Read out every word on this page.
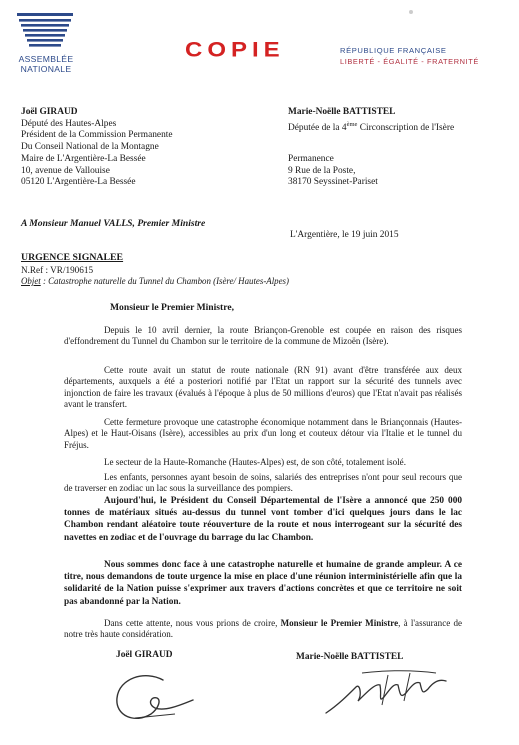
ASSEMBLÉE
NATIONALE
COPIE	RÉPUBLIQUE FRANÇAISE
LIBERTÉ - ÉGALITÉ - FRATERNITÉ
Joël GIRAUD
Député des Hautes-Alpes
Président de la Commission Permanente
Du Conseil National de la Montagne
Maire de L'Argentière-La Bessée
10, avenue de Vallouise
05120 L'Argentière-La Bessée
Marie-Noëlle BATTISTEL
Députée de la 4ème Circonscription de l'Isère
Permanence
9 Rue de la Poste,
38170 Seyssinet-Pariset
A Monsieur Manuel VALLS, Premier Ministre
L'Argentière, le 19 juin 2015
URGENCE SIGNALEE
N.Ref : VR/190615
Objet : Catastrophe naturelle du Tunnel du Chambon (Isère/ Hautes-Alpes)
Monsieur le Premier Ministre,
Depuis le 10 avril dernier, la route Briançon-Grenoble est coupée en raison des risques d'effondrement du Tunnel du Chambon sur le territoire de la commune de Mizoën (Isère).
Cette route avait un statut de route nationale (RN 91) avant d'être transférée aux deux départements, auxquels a été a posteriori notifié par l'Etat un rapport sur la sécurité des tunnels avec injonction de faire les travaux (évalués à l'époque à plus de 50 millions d'euros) que l'Etat n'avait pas réalisés avant le transfert.
Cette fermeture provoque une catastrophe économique notamment dans le Briançonnais (Hautes-Alpes) et le Haut-Oisans (Isère), accessibles au prix d'un long et couteux détour via l'Italie et le tunnel du Fréjus.
Le secteur de la Haute-Romanche (Hautes-Alpes) est, de son côté, totalement isolé.
Les enfants, personnes ayant besoin de soins, salariés des entreprises n'ont pour seul recours que de traverser en zodiac un lac sous la surveillance des pompiers.
Aujourd'hui, le Président du Conseil Départemental de l'Isère a annoncé que 250 000 tonnes de matériaux situés au-dessus du tunnel vont tomber d'ici quelques jours dans le lac Chambon rendant aléatoire toute réouverture de la route et nous interrogeant sur la sécurité des navettes en zodiac et de l'ouvrage du barrage du lac Chambon.
Nous sommes donc face à une catastrophe naturelle et humaine de grande ampleur. A ce titre, nous demandons de toute urgence la mise en place d'une réunion interministérielle afin que la solidarité de la Nation puisse s'exprimer aux travers d'actions concrètes et que ce territoire ne soit pas abandonné par la Nation.
Dans cette attente, nous vous prions de croire, Monsieur le Premier Ministre, à l'assurance de notre très haute considération.
Joël GIRAUD	Marie-Noëlle BATTISTEL
